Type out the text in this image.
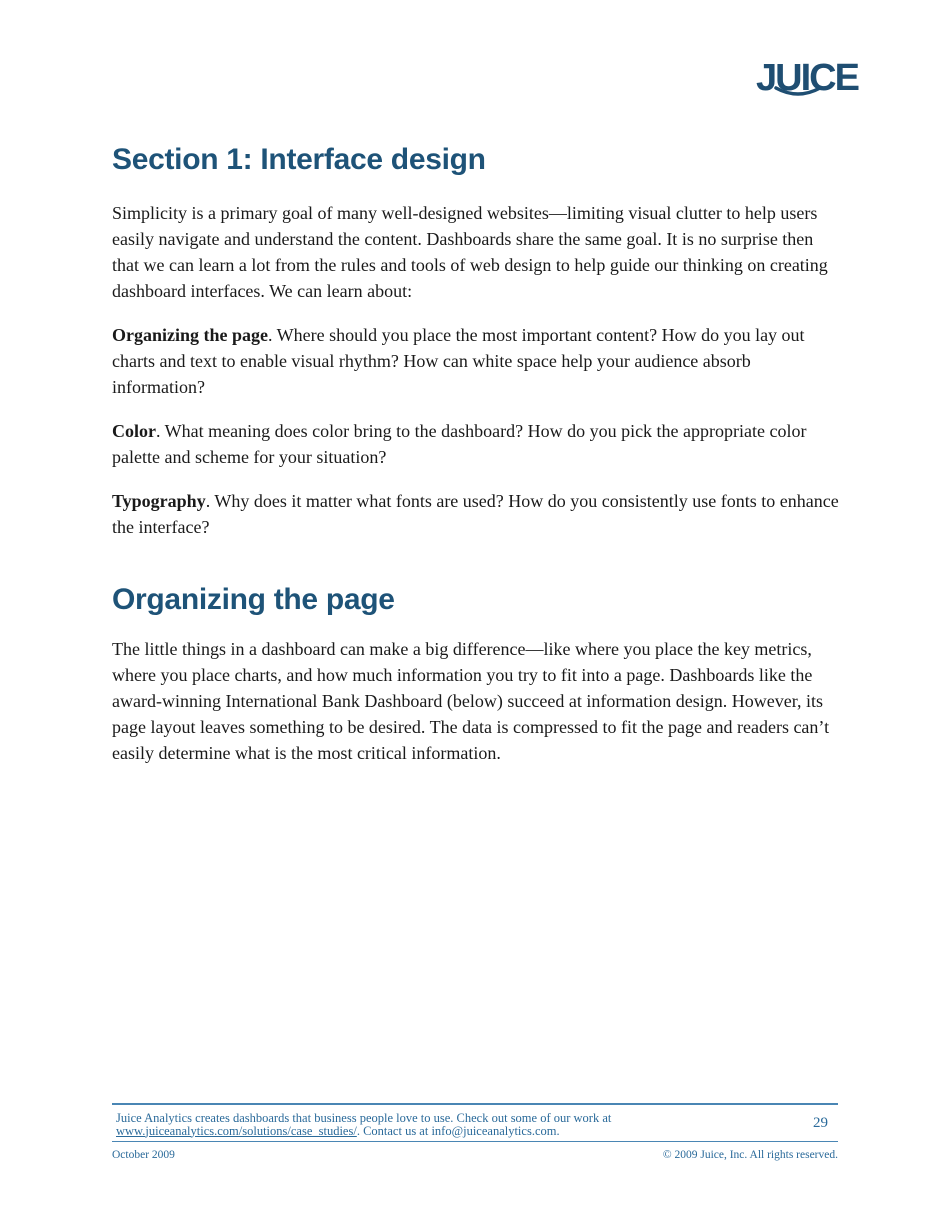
JUICE
Section 1: Interface design

Simplicity is a primary goal of many well-designed websites—limiting visual clutter to help users easily navigate and understand the content. Dashboards share the same goal. It is no surprise then that we can learn a lot from the rules and tools of web design to help guide our thinking on creating dashboard interfaces. We can learn about:

Organizing the page. Where should you place the most important content? How do you lay out charts and text to enable visual rhythm? How can white space help your audience absorb information?

Color. What meaning does color bring to the dashboard? How do you pick the appropriate color palette and scheme for your situation?

Typography. Why does it matter what fonts are used? How do you consistently use fonts to enhance the interface?

Organizing the page

The little things in a dashboard can make a big difference—like where you place the key metrics, where you place charts, and how much information you try to fit into a page. Dashboards like the award-winning International Bank Dashboard (below) succeed at information design. However, its page layout leaves something to be desired. The data is compressed to fit the page and readers can’t easily determine what is the most critical information.

Juice Analytics creates dashboards that business people love to use. Check out some of our work at
www.juiceanalytics.com/solutions/case_studies/. Contact us at info@juiceanalytics.com.	29
October 2009	© 2009 Juice, Inc. All rights reserved.
